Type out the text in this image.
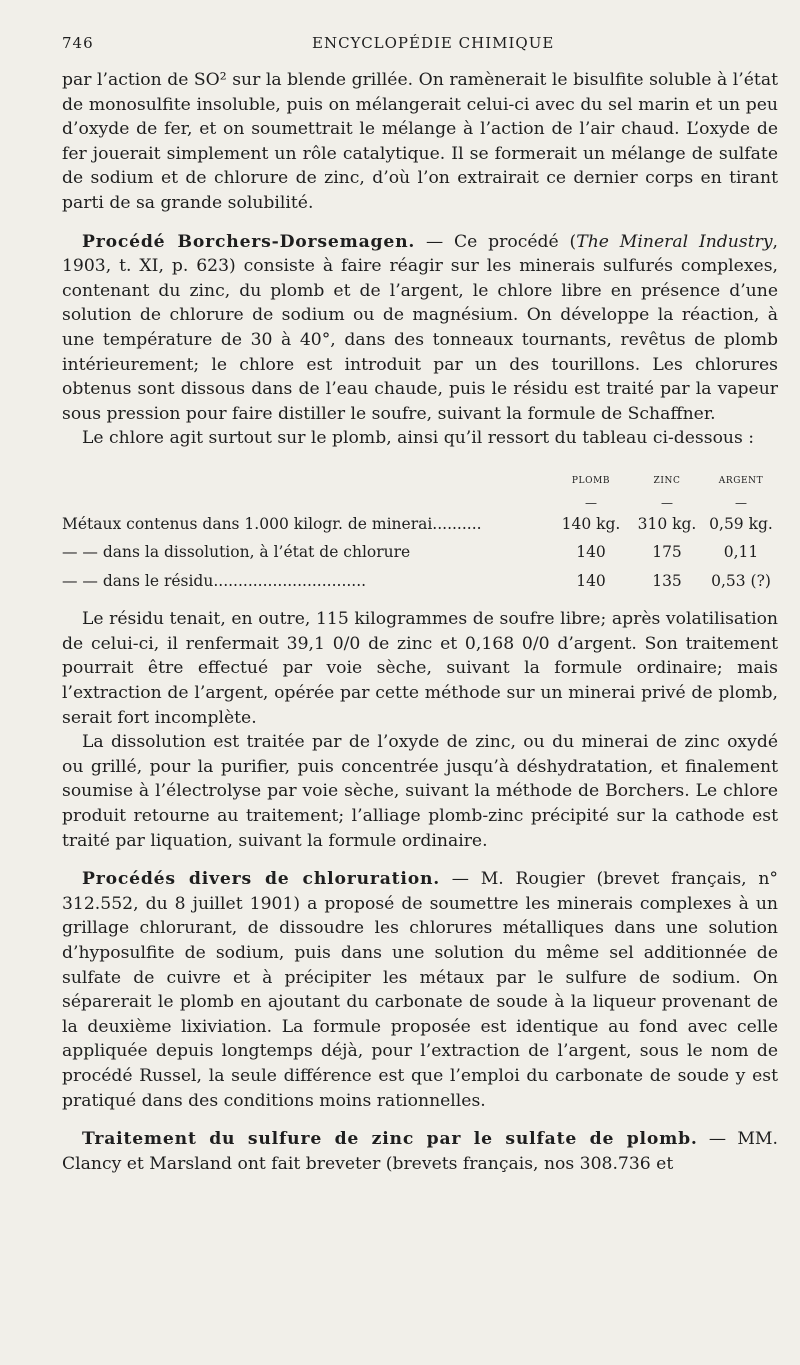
746	ENCYCLOPÉDIE CHIMIQUE

par l’action de SO² sur la blende grillée. On ramènerait le bisulfite soluble à l’état de monosulfite insoluble, puis on mélangerait celui-ci avec du sel marin et un peu d’oxyde de fer, et on soumettrait le mélange à l’action de l’air chaud. L’oxyde de fer jouerait simplement un rôle catalytique. Il se formerait un mélange de sulfate de sodium et de chlorure de zinc, d’où l’on extrairait ce dernier corps en tirant parti de sa grande solubilité.

Procédé Borchers-Dorsemagen. — Ce procédé (The Mineral Industry, 1903, t. XI, p. 623) consiste à faire réagir sur les minerais sulfurés complexes, contenant du zinc, du plomb et de l’argent, le chlore libre en présence d’une solution de chlorure de sodium ou de magnésium. On développe la réaction, à une température de 30 à 40°, dans des tonneaux tournants, revêtus de plomb intérieurement; le chlore est introduit par un des tourillons. Les chlorures obtenus sont dissous dans de l’eau chaude, puis le résidu est traité par la vapeur sous pression pour faire distiller le soufre, suivant la formule de Schaffner.

Le chlore agit surtout sur le plomb, ainsi qu’il ressort du tableau ci-dessous :

	PLOMB	ZINC	ARGENT
	—	—	—
Métaux contenus dans 1.000 kilogr. de minerai..........	140 kg.	310 kg.	0,59 kg.
— — dans la dissolution, à l’état de chlorure	140	175	0,11
— — dans le résidu...............................	140	135	0,53 (?)

Le résidu tenait, en outre, 115 kilogrammes de soufre libre; après volatilisation de celui-ci, il renfermait 39,1 0/0 de zinc et 0,168 0/0 d’argent. Son traitement pourrait être effectué par voie sèche, suivant la formule ordinaire; mais l’extraction de l’argent, opérée par cette méthode sur un minerai privé de plomb, serait fort incomplète.

La dissolution est traitée par de l’oxyde de zinc, ou du minerai de zinc oxydé ou grillé, pour la purifier, puis concentrée jusqu’à déshydratation, et finalement soumise à l’électrolyse par voie sèche, suivant la méthode de Borchers. Le chlore produit retourne au traitement; l’alliage plomb-zinc précipité sur la cathode est traité par liquation, suivant la formule ordinaire.

Procédés divers de chloruration. — M. Rougier (brevet français, n° 312.552, du 8 juillet 1901) a proposé de soumettre les minerais complexes à un grillage chlorurant, de dissoudre les chlorures métalliques dans une solution d’hyposulfite de sodium, puis dans une solution du même sel additionnée de sulfate de cuivre et à précipiter les métaux par le sulfure de sodium. On séparerait le plomb en ajoutant du carbonate de soude à la liqueur provenant de la deuxième lixiviation. La formule proposée est identique au fond avec celle appliquée depuis longtemps déjà, pour l’extraction de l’argent, sous le nom de procédé Russel, la seule différence est que l’emploi du carbonate de soude y est pratiqué dans des conditions moins rationnelles.

Traitement du sulfure de zinc par le sulfate de plomb. — MM. Clancy et Marsland ont fait breveter (brevets français, nos 308.736 et
